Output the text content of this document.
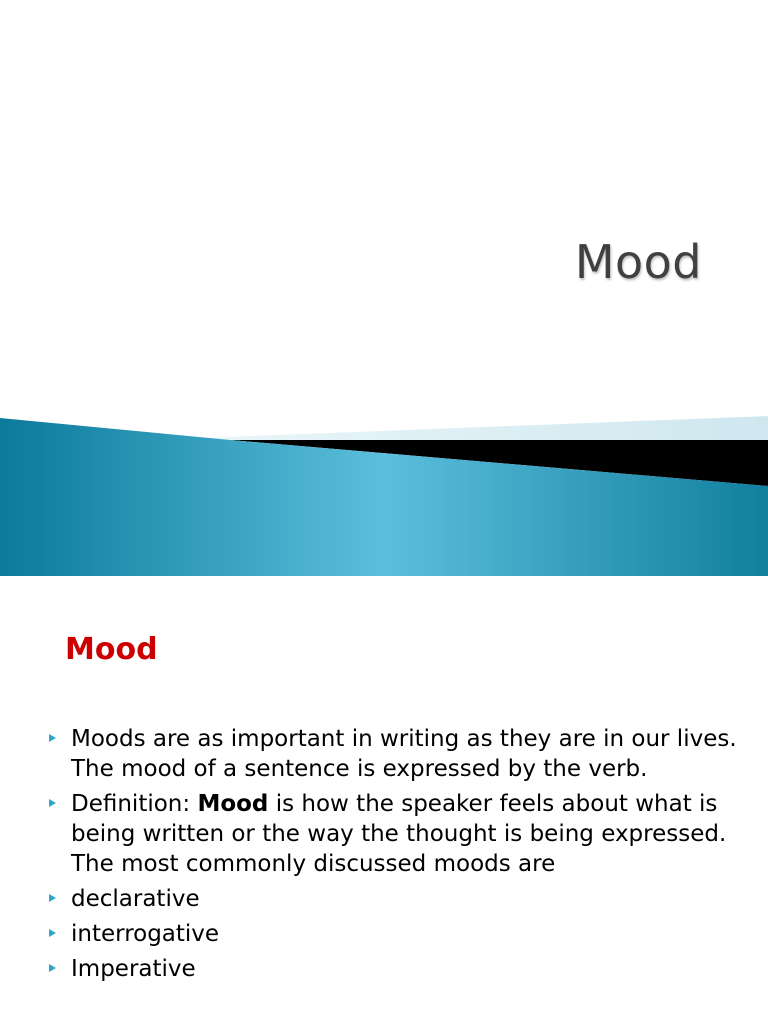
Mood
Mood
Moods are as important in writing as they are in our lives. The mood of a sentence is expressed by the verb.
Definition: Mood is how the speaker feels about what is being written or the way the thought is being expressed. The most commonly discussed moods are
declarative
interrogative
Imperative
